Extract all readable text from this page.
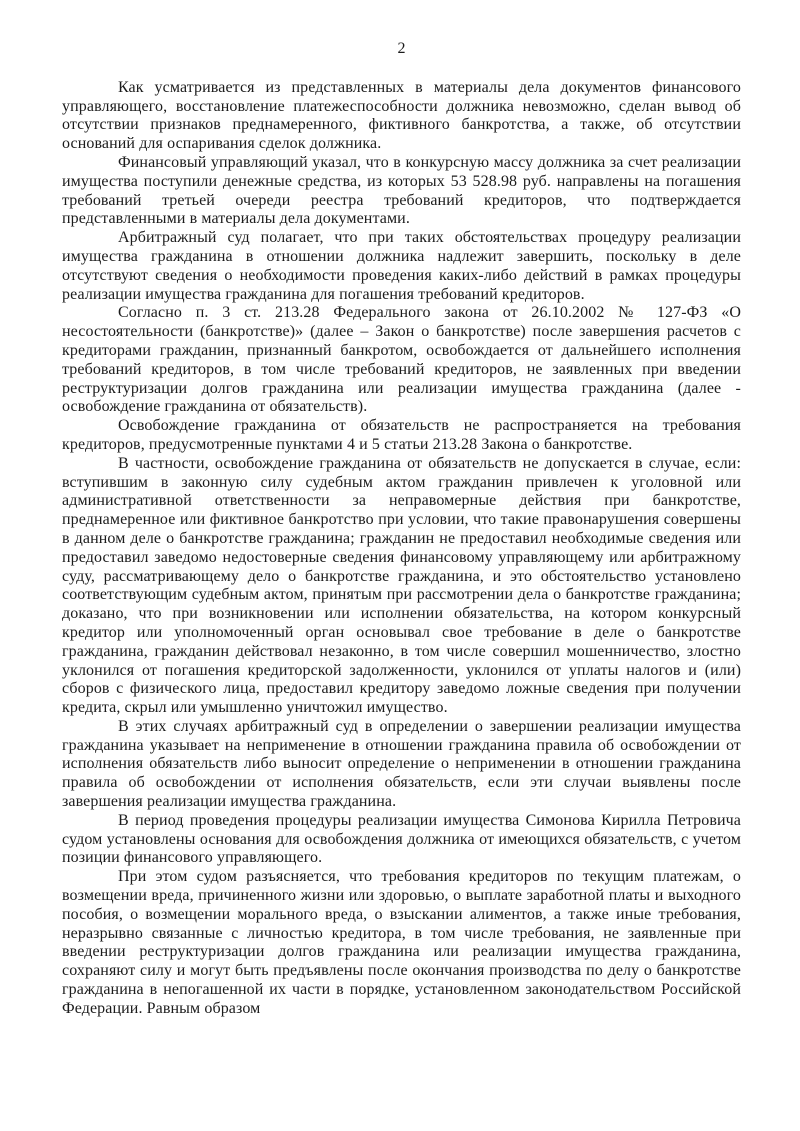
2

Как усматривается из представленных в материалы дела документов финансового управляющего, восстановление платежеспособности должника невозможно, сделан вывод об отсутствии признаков преднамеренного, фиктивного банкротства, а также, об отсутствии оснований для оспаривания сделок должника.

Финансовый управляющий указал, что в конкурсную массу должника за счет реализации имущества поступили денежные средства, из которых 53 528.98 руб. направлены на погашения требований третьей очереди реестра требований кредиторов, что подтверждается представленными в материалы дела документами.

Арбитражный суд полагает, что при таких обстоятельствах процедуру реализации имущества гражданина в отношении должника надлежит завершить, поскольку в деле отсутствуют сведения о необходимости проведения каких-либо действий в рамках процедуры реализации имущества гражданина для погашения требований кредиторов.

Согласно п. 3 ст. 213.28 Федерального закона от 26.10.2002 № 127-ФЗ «О несостоятельности (банкротстве)» (далее – Закон о банкротстве) после завершения расчетов с кредиторами гражданин, признанный банкротом, освобождается от дальнейшего исполнения требований кредиторов, в том числе требований кредиторов, не заявленных при введении реструктуризации долгов гражданина или реализации имущества гражданина (далее - освобождение гражданина от обязательств).

Освобождение гражданина от обязательств не распространяется на требования кредиторов, предусмотренные пунктами 4 и 5 статьи 213.28 Закона о банкротстве.

В частности, освобождение гражданина от обязательств не допускается в случае, если: вступившим в законную силу судебным актом гражданин привлечен к уголовной или административной ответственности за неправомерные действия при банкротстве, преднамеренное или фиктивное банкротство при условии, что такие правонарушения совершены в данном деле о банкротстве гражданина; гражданин не предоставил необходимые сведения или предоставил заведомо недостоверные сведения финансовому управляющему или арбитражному суду, рассматривающему дело о банкротстве гражданина, и это обстоятельство установлено соответствующим судебным актом, принятым при рассмотрении дела о банкротстве гражданина; доказано, что при возникновении или исполнении обязательства, на котором конкурсный кредитор или уполномоченный орган основывал свое требование в деле о банкротстве гражданина, гражданин действовал незаконно, в том числе совершил мошенничество, злостно уклонился от погашения кредиторской задолженности, уклонился от уплаты налогов и (или) сборов с физического лица, предоставил кредитору заведомо ложные сведения при получении кредита, скрыл или умышленно уничтожил имущество.

В этих случаях арбитражный суд в определении о завершении реализации имущества гражданина указывает на неприменение в отношении гражданина правила об освобождении от исполнения обязательств либо выносит определение о неприменении в отношении гражданина правила об освобождении от исполнения обязательств, если эти случаи выявлены после завершения реализации имущества гражданина.

В период проведения процедуры реализации имущества Симонова Кирилла Петровича судом установлены основания для освобождения должника от имеющихся обязательств, с учетом позиции финансового управляющего.

При этом судом разъясняется, что требования кредиторов по текущим платежам, о возмещении вреда, причиненного жизни или здоровью, о выплате заработной платы и выходного пособия, о возмещении морального вреда, о взыскании алиментов, а также иные требования, неразрывно связанные с личностью кредитора, в том числе требования, не заявленные при введении реструктуризации долгов гражданина или реализации имущества гражданина, сохраняют силу и могут быть предъявлены после окончания производства по делу о банкротстве гражданина в непогашенной их части в порядке, установленном законодательством Российской Федерации. Равным образом
